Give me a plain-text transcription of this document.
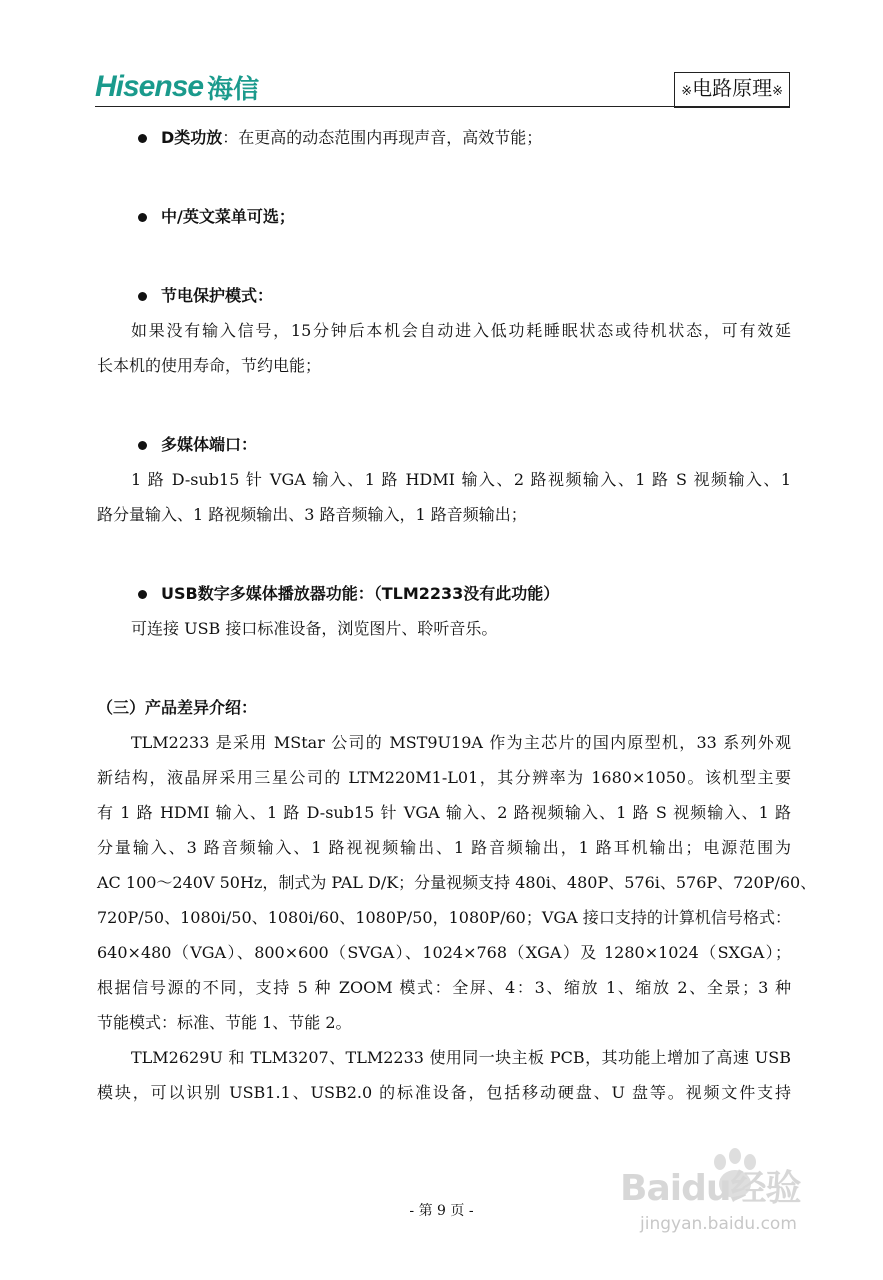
Hisense 海信	※电路原理※
D类功放：在更高的动态范围内再现声音，高效节能；
中/英文菜单可选；
节电保护模式：
如果没有输入信号，15分钟后本机会自动进入低功耗睡眠状态或待机状态，可有效延
长本机的使用寿命，节约电能；
多媒体端口：
1 路 D-sub15 针 VGA 输入、1 路 HDMI 输入、2 路视频输入、1 路 S 视频输入、1
路分量输入、1 路视频输出、3 路音频输入，1 路音频输出；
USB数字多媒体播放器功能：（TLM2233没有此功能）
可连接 USB 接口标准设备，浏览图片、聆听音乐。
（三）产品差异介绍：
TLM2233 是采用 MStar 公司的 MST9U19A 作为主芯片的国内原型机，33 系列外观
新结构，液晶屏采用三星公司的 LTM220M1-L01，其分辨率为 1680×1050。该机型主要
有 1 路 HDMI 输入、1 路 D-sub15 针 VGA 输入、2 路视频输入、1 路 S 视频输入、1 路
分量输入、3 路音频输入、1 路视视频输出、1 路音频输出，1 路耳机输出；电源范围为
AC 100～240V 50Hz，制式为 PAL D/K；分量视频支持 480i、480P、576i、576P、720P/60、
720P/50、1080i/50、1080i/60、1080P/50，1080P/60；VGA 接口支持的计算机信号格式：
640×480（VGA）、800×600（SVGA）、1024×768（XGA）及 1280×1024（SXGA）；
根据信号源的不同，支持 5 种 ZOOM 模式：全屏、4：3、缩放 1、缩放 2、全景；3 种
节能模式：标准、节能 1、节能 2。
TLM2629U 和 TLM3207、TLM2233 使用同一块主板 PCB，其功能上增加了高速 USB
模块，可以识别 USB1.1、USB2.0 的标准设备，包括移动硬盘、U 盘等。视频文件支持
Baidu经验
jingyan.baidu.com
- 第 9 页 -
